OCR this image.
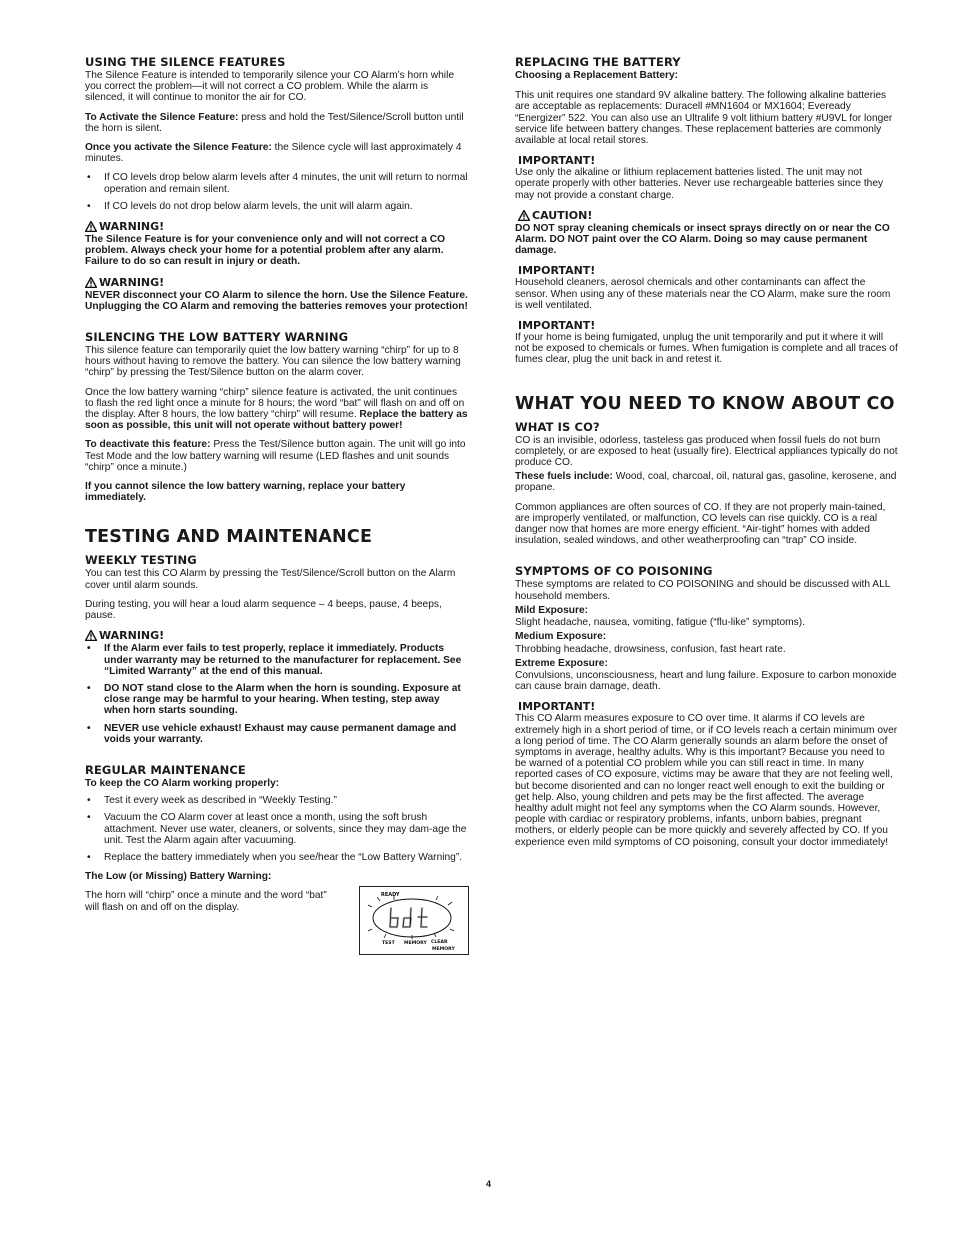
USING THE SILENCE FEATURES

The Silence Feature is intended to temporarily silence your CO Alarm’s horn while you correct the problem—it will not correct a CO problem. While the alarm is silenced, it will continue to monitor the air for CO.

To Activate the Silence Feature: press and hold the Test/Silence/Scroll button until the horn is silent.

Once you activate the Silence Feature: the Silence cycle will last approximately 4 minutes.

• If CO levels drop below alarm levels after 4 minutes, the unit will return to normal operation and remain silent.
• If CO levels do not drop below alarm levels, the unit will alarm again.
WARNING!

The Silence Feature is for your convenience only and will not correct a CO problem. Always check your home for a potential problem after any alarm. Failure to do so can result in injury or death.

WARNING!

NEVER disconnect your CO Alarm to silence the horn. Use the Silence Feature. Unplugging the CO Alarm and removing the batteries removes your protection!

SILENCING THE LOW BATTERY WARNING

This silence feature can temporarily quiet the low battery warning “chirp” for up to 8 hours without having to remove the battery. You can silence the low battery warning “chirp” by pressing the Test/Silence button on the alarm cover.

Once the low battery warning “chirp” silence feature is activated, the unit continues to flash the red light once a minute for 8 hours; the word “bat” will flash on and off on the display. After 8 hours, the low battery “chirp” will resume. Replace the battery as soon as possible, this unit will not operate without battery power!

To deactivate this feature: Press the Test/Silence button again. The unit will go into Test Mode and the low battery warning will resume (LED flashes and unit sounds “chirp” once a minute.)

If you cannot silence the low battery warning, replace your battery immediately.

TESTING AND MAINTENANCE
WEEKLY TESTING

You can test this CO Alarm by pressing the Test/Silence/Scroll button on the Alarm cover until alarm sounds.

During testing, you will hear a loud alarm sequence – 4 beeps, pause, 4 beeps, pause.

WARNING!
• If the Alarm ever fails to test properly, replace it immediately. Products under warranty may be returned to the manufacturer for replacement. See “Limited Warranty” at the end of this manual.
• DO NOT stand close to the Alarm when the horn is sounding. Exposure at close range may be harmful to your hearing. When testing, step away when horn starts sounding.
• NEVER use vehicle exhaust! Exhaust may cause permanent damage and voids your warranty.
REGULAR MAINTENANCE

To keep the CO Alarm working properly:

• Test it every week as described in “Weekly Testing.”
• Vacuum the CO Alarm cover at least once a month, using the soft brush attachment. Never use water, cleaners, or solvents, since they may dam-age the unit. Test the Alarm again after vacuuming.
• Replace the battery immediately when you see/hear the “Low Battery Warning”.

The Low (or Missing) Battery Warning:

The horn will “chirp” once a minute and the word “bat” will flash on and off on the display.

READY
TEST MEMORY CLEAR
MEMORY
REPLACING THE BATTERY

Choosing a Replacement Battery:

This unit requires one standard 9V alkaline battery. The following alkaline batteries are acceptable as replacements: Duracell #MN1604 or MX1604; Eveready “Energizer” 522. You can also use an Ultralife 9 volt lithium battery #U9VL for longer service life between battery changes. These replacement batteries are commonly available at local retail stores.

IMPORTANT!

Use only the alkaline or lithium replacement batteries listed. The unit may not operate properly with other batteries. Never use rechargeable batteries since they may not provide a constant charge.

CAUTION!

DO NOT spray cleaning chemicals or insect sprays directly on or near the CO Alarm. DO NOT paint over the CO Alarm. Doing so may cause permanent damage.

IMPORTANT!

Household cleaners, aerosol chemicals and other contaminants can affect the sensor. When using any of these materials near the CO Alarm, make sure the room is well ventilated.

IMPORTANT!

If your home is being fumigated, unplug the unit temporarily and put it where it will not be exposed to chemicals or fumes. When fumigation is complete and all traces of fumes clear, plug the unit back in and retest it.

WHAT YOU NEED TO KNOW ABOUT CO
WHAT IS CO?

CO is an invisible, odorless, tasteless gas produced when fossil fuels do not burn completely, or are exposed to heat (usually fire). Electrical appliances typically do not produce CO.

These fuels include: Wood, coal, charcoal, oil, natural gas, gasoline, kerosene, and propane.

Common appliances are often sources of CO. If they are not properly main-tained, are improperly ventilated, or malfunction, CO levels can rise quickly. CO is a real danger now that homes are more energy efficient. “Air-tight” homes with added insulation, sealed windows, and other weatherproofing can “trap” CO inside.

SYMPTOMS OF CO POISONING

These symptoms are related to CO POISONING and should be discussed with ALL household members.

Mild Exposure:

Slight headache, nausea, vomiting, fatigue (“flu-like” symptoms).

Medium Exposure:

Throbbing headache, drowsiness, confusion, fast heart rate.

Extreme Exposure:

Convulsions, unconsciousness, heart and lung failure. Exposure to carbon monoxide can cause brain damage, death.

IMPORTANT!

This CO Alarm measures exposure to CO over time. It alarms if CO levels are extremely high in a short period of time, or if CO levels reach a certain minimum over a long period of time. The CO Alarm generally sounds an alarm before the onset of symptoms in average, healthy adults. Why is this important? Because you need to be warned of a potential CO problem while you can still react in time. In many reported cases of CO exposure, victims may be aware that they are not feeling well, but become disoriented and can no longer react well enough to exit the building or get help. Also, young children and pets may be the first affected. The average healthy adult might not feel any symptoms when the CO Alarm sounds. However, people with cardiac or respiratory problems, infants, unborn babies, pregnant mothers, or elderly people can be more quickly and severely affected by CO. If you experience even mild symptoms of CO poisoning, consult your doctor immediately!

4
